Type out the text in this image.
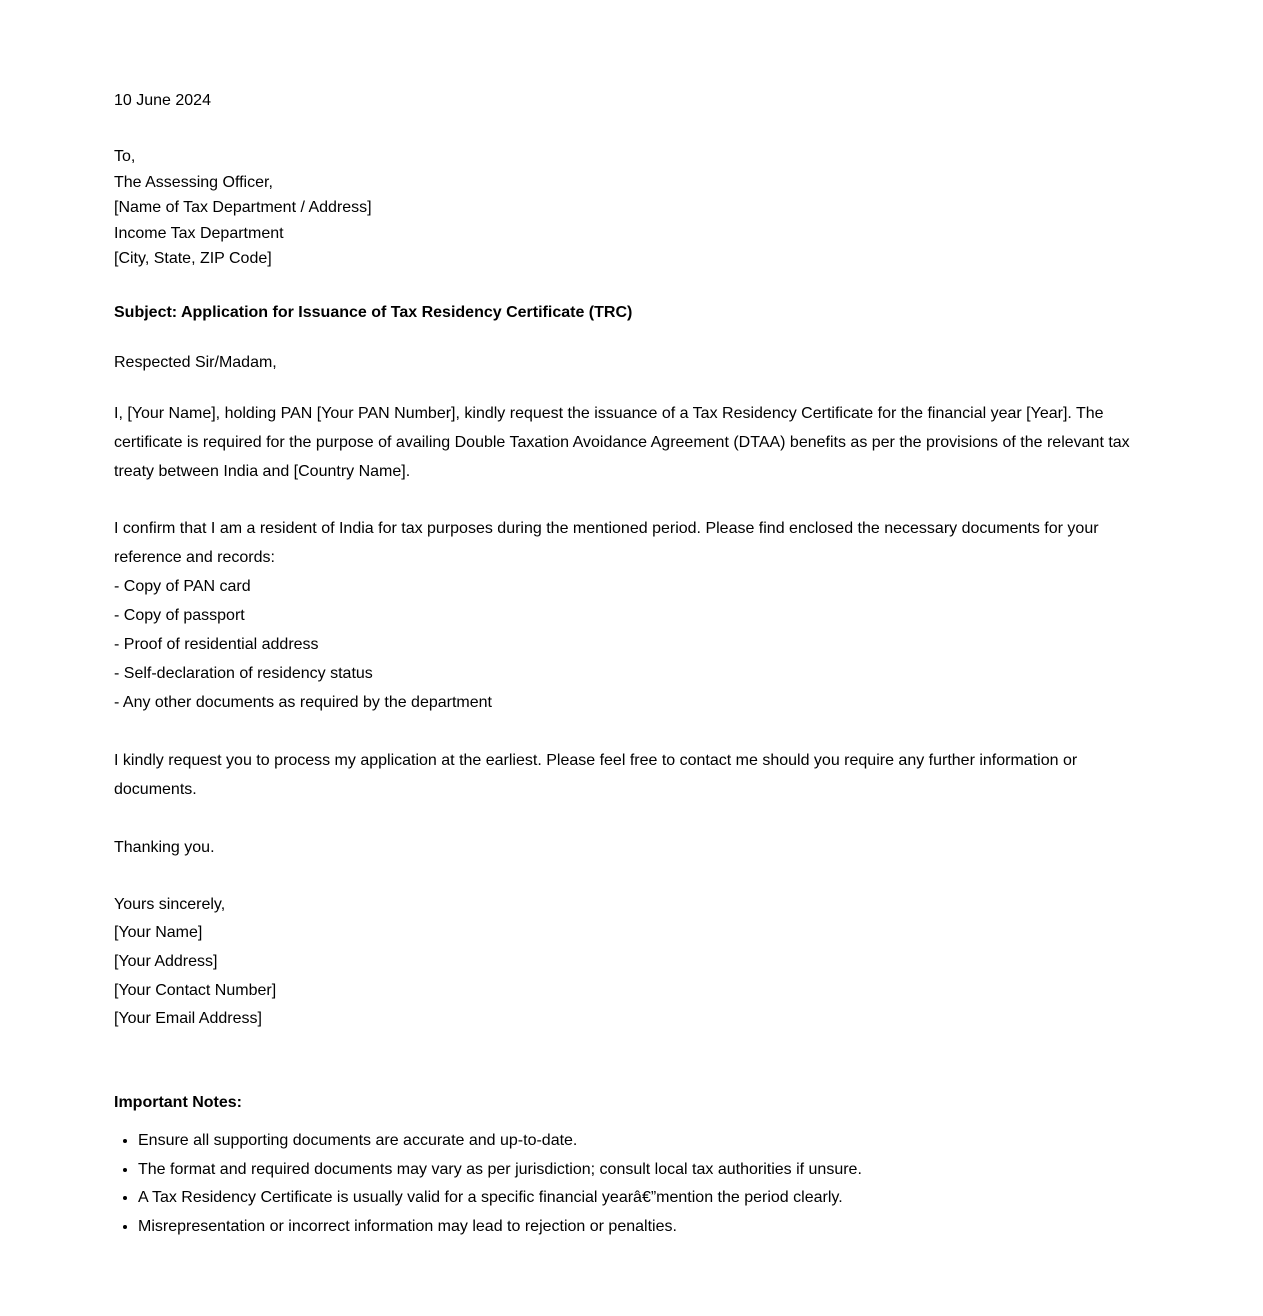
10 June 2024
To,
The Assessing Officer,
[Name of Tax Department / Address]
Income Tax Department
[City, State, ZIP Code]
Subject: Application for Issuance of Tax Residency Certificate (TRC)
Respected Sir/Madam,

I, [Your Name], holding PAN [Your PAN Number], kindly request the issuance of a Tax Residency Certificate for the financial year [Year]. The certificate is required for the purpose of availing Double Taxation Avoidance Agreement (DTAA) benefits as per the provisions of the relevant tax treaty between India and [Country Name].

I confirm that I am a resident of India for tax purposes during the mentioned period. Please find enclosed the necessary documents for your reference and records:

- Copy of PAN card
- Copy of passport
- Proof of residential address
- Self-declaration of residency status
- Any other documents as required by the department

I kindly request you to process my application at the earliest. Please feel free to contact me should you require any further information or documents.

Thanking you.
Yours sincerely,
[Your Name]
[Your Address]
[Your Contact Number]
[Your Email Address]
Important Notes:
• Ensure all supporting documents are accurate and up-to-date.
• The format and required documents may vary as per jurisdiction; consult local tax authorities if unsure.
• A Tax Residency Certificate is usually valid for a specific financial yearâ€”mention the period clearly.
• Misrepresentation or incorrect information may lead to rejection or penalties.
